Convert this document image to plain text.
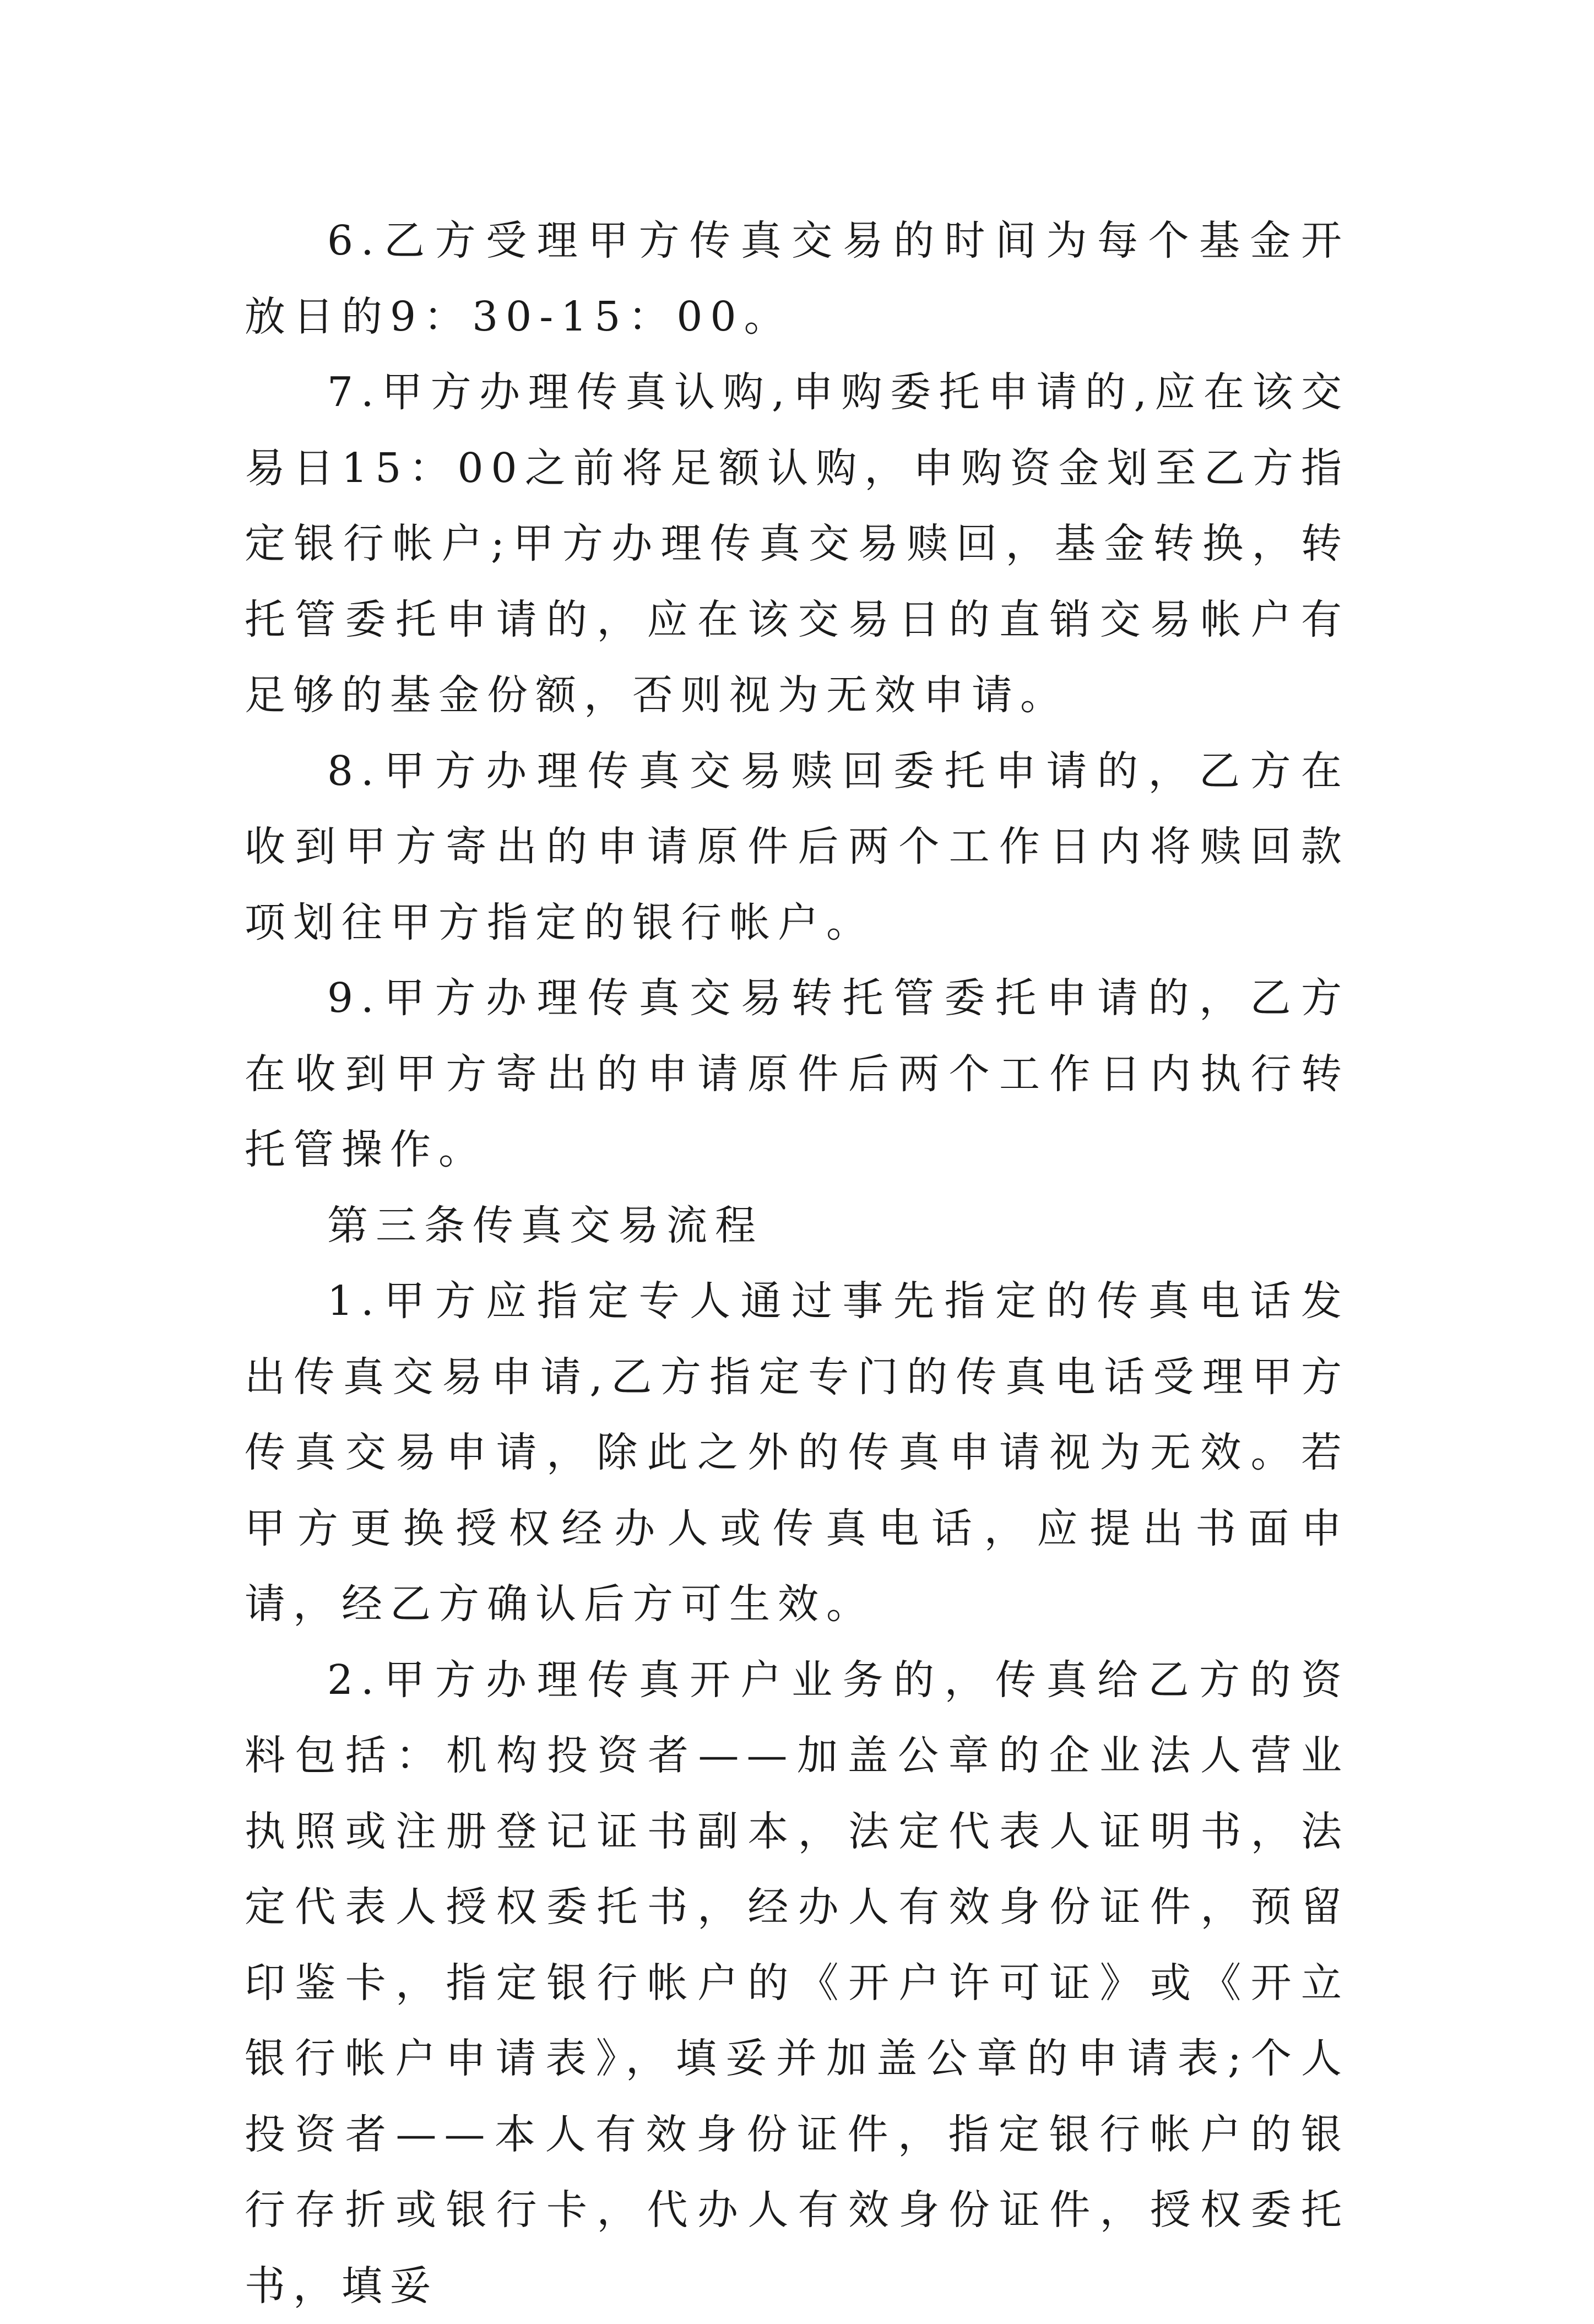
6.乙方受理甲方传真交易的时间为每个基金开放日的9：30-15：00。

7.甲方办理传真认购,申购委托申请的,应在该交易日15：00之前将足额认购，申购资金划至乙方指定银行帐户;甲方办理传真交易赎回，基金转换，转托管委托申请的，应在该交易日的直销交易帐户有足够的基金份额，否则视为无效申请。

8.甲方办理传真交易赎回委托申请的，乙方在收到甲方寄出的申请原件后两个工作日内将赎回款项划往甲方指定的银行帐户。

9.甲方办理传真交易转托管委托申请的，乙方在收到甲方寄出的申请原件后两个工作日内执行转托管操作。

第三条传真交易流程

1.甲方应指定专人通过事先指定的传真电话发出传真交易申请,乙方指定专门的传真电话受理甲方传真交易申请，除此之外的传真申请视为无效。若甲方更换授权经办人或传真电话，应提出书面申请，经乙方确认后方可生效。

2.甲方办理传真开户业务的，传真给乙方的资料包括：机构投资者——加盖公章的企业法人营业执照或注册登记证书副本，法定代表人证明书，法定代表人授权委托书，经办人有效身份证件，预留印鉴卡，指定银行帐户的《开户许可证》或《开立银行帐户申请表》，填妥并加盖公章的申请表;个人投资者——本人有效身份证件，指定银行帐户的银行存折或银行卡，代办人有效身份证件，授权委托书，填妥
